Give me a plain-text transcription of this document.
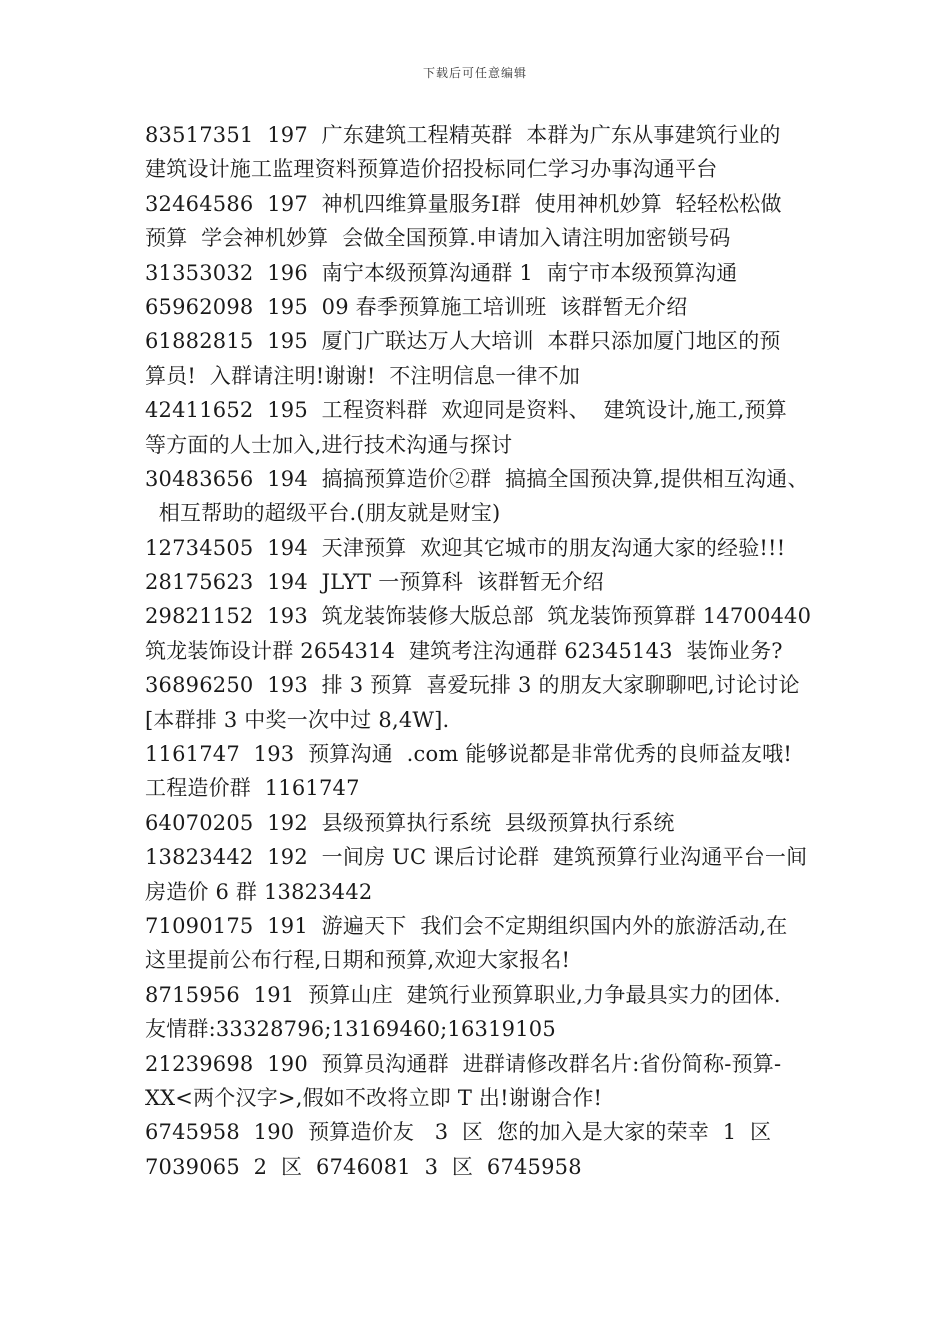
下载后可任意编辑
83517351  197  广东建筑工程精英群  本群为广东从事建筑行业的
建筑设计施工监理资料预算造价招投标同仁学习办事沟通平台
32464586  197  神机四维算量服务Ⅰ群  使用神机妙算  轻轻松松做
预算  学会神机妙算  会做全国预算.申请加入请注明加密锁号码
31353032  196  南宁本级预算沟通群 1  南宁市本级预算沟通
65962098  195  09 春季预算施工培训班  该群暂无介绍
61882815  195  厦门广联达万人大培训  本群只添加厦门地区的预
算员!  入群请注明!谢谢!  不注明信息一律不加
42411652  195  工程资料群  欢迎同是资料、  建筑设计,施工,预算
等方面的人士加入,进行技术沟通与探讨
30483656  194  搞搞预算造价②群  搞搞全国预决算,提供相互沟通、
相互帮助的超级平台.(朋友就是财宝)
12734505  194  天津预算  欢迎其它城市的朋友沟通大家的经验!!!
28175623  194  JLYT 一预算科  该群暂无介绍
29821152  193  筑龙装饰装修大版总部  筑龙装饰预算群 14700440
筑龙装饰设计群 2654314  建筑考注沟通群 62345143  装饰业务?
36896250  193  排 3 预算  喜爱玩排 3 的朋友大家聊聊吧,讨论讨论
[本群排 3 中奖一次中过 8,4W].
1161747  193  预算沟通  .com 能够说都是非常优秀的良师益友哦!
工程造价群  1161747
64070205  192  县级预算执行系统  县级预算执行系统
13823442  192  一间房 UC 课后讨论群  建筑预算行业沟通平台一间
房造价 6 群 13823442
71090175  191  游遍天下  我们会不定期组织国内外的旅游活动,在
这里提前公布行程,日期和预算,欢迎大家报名!
8715956  191  预算山庄  建筑行业预算职业,力争最具实力的团体.
友情群:33328796;13169460;16319105
21239698  190  预算员沟通群  进群请修改群名片:省份简称-预算-
XX<两个汉字>,假如不改将立即 T 出!谢谢合作!
6745958  190  预算造价友   3  区  您的加入是大家的荣幸  1  区
7039065  2  区  6746081  3  区  6745958
